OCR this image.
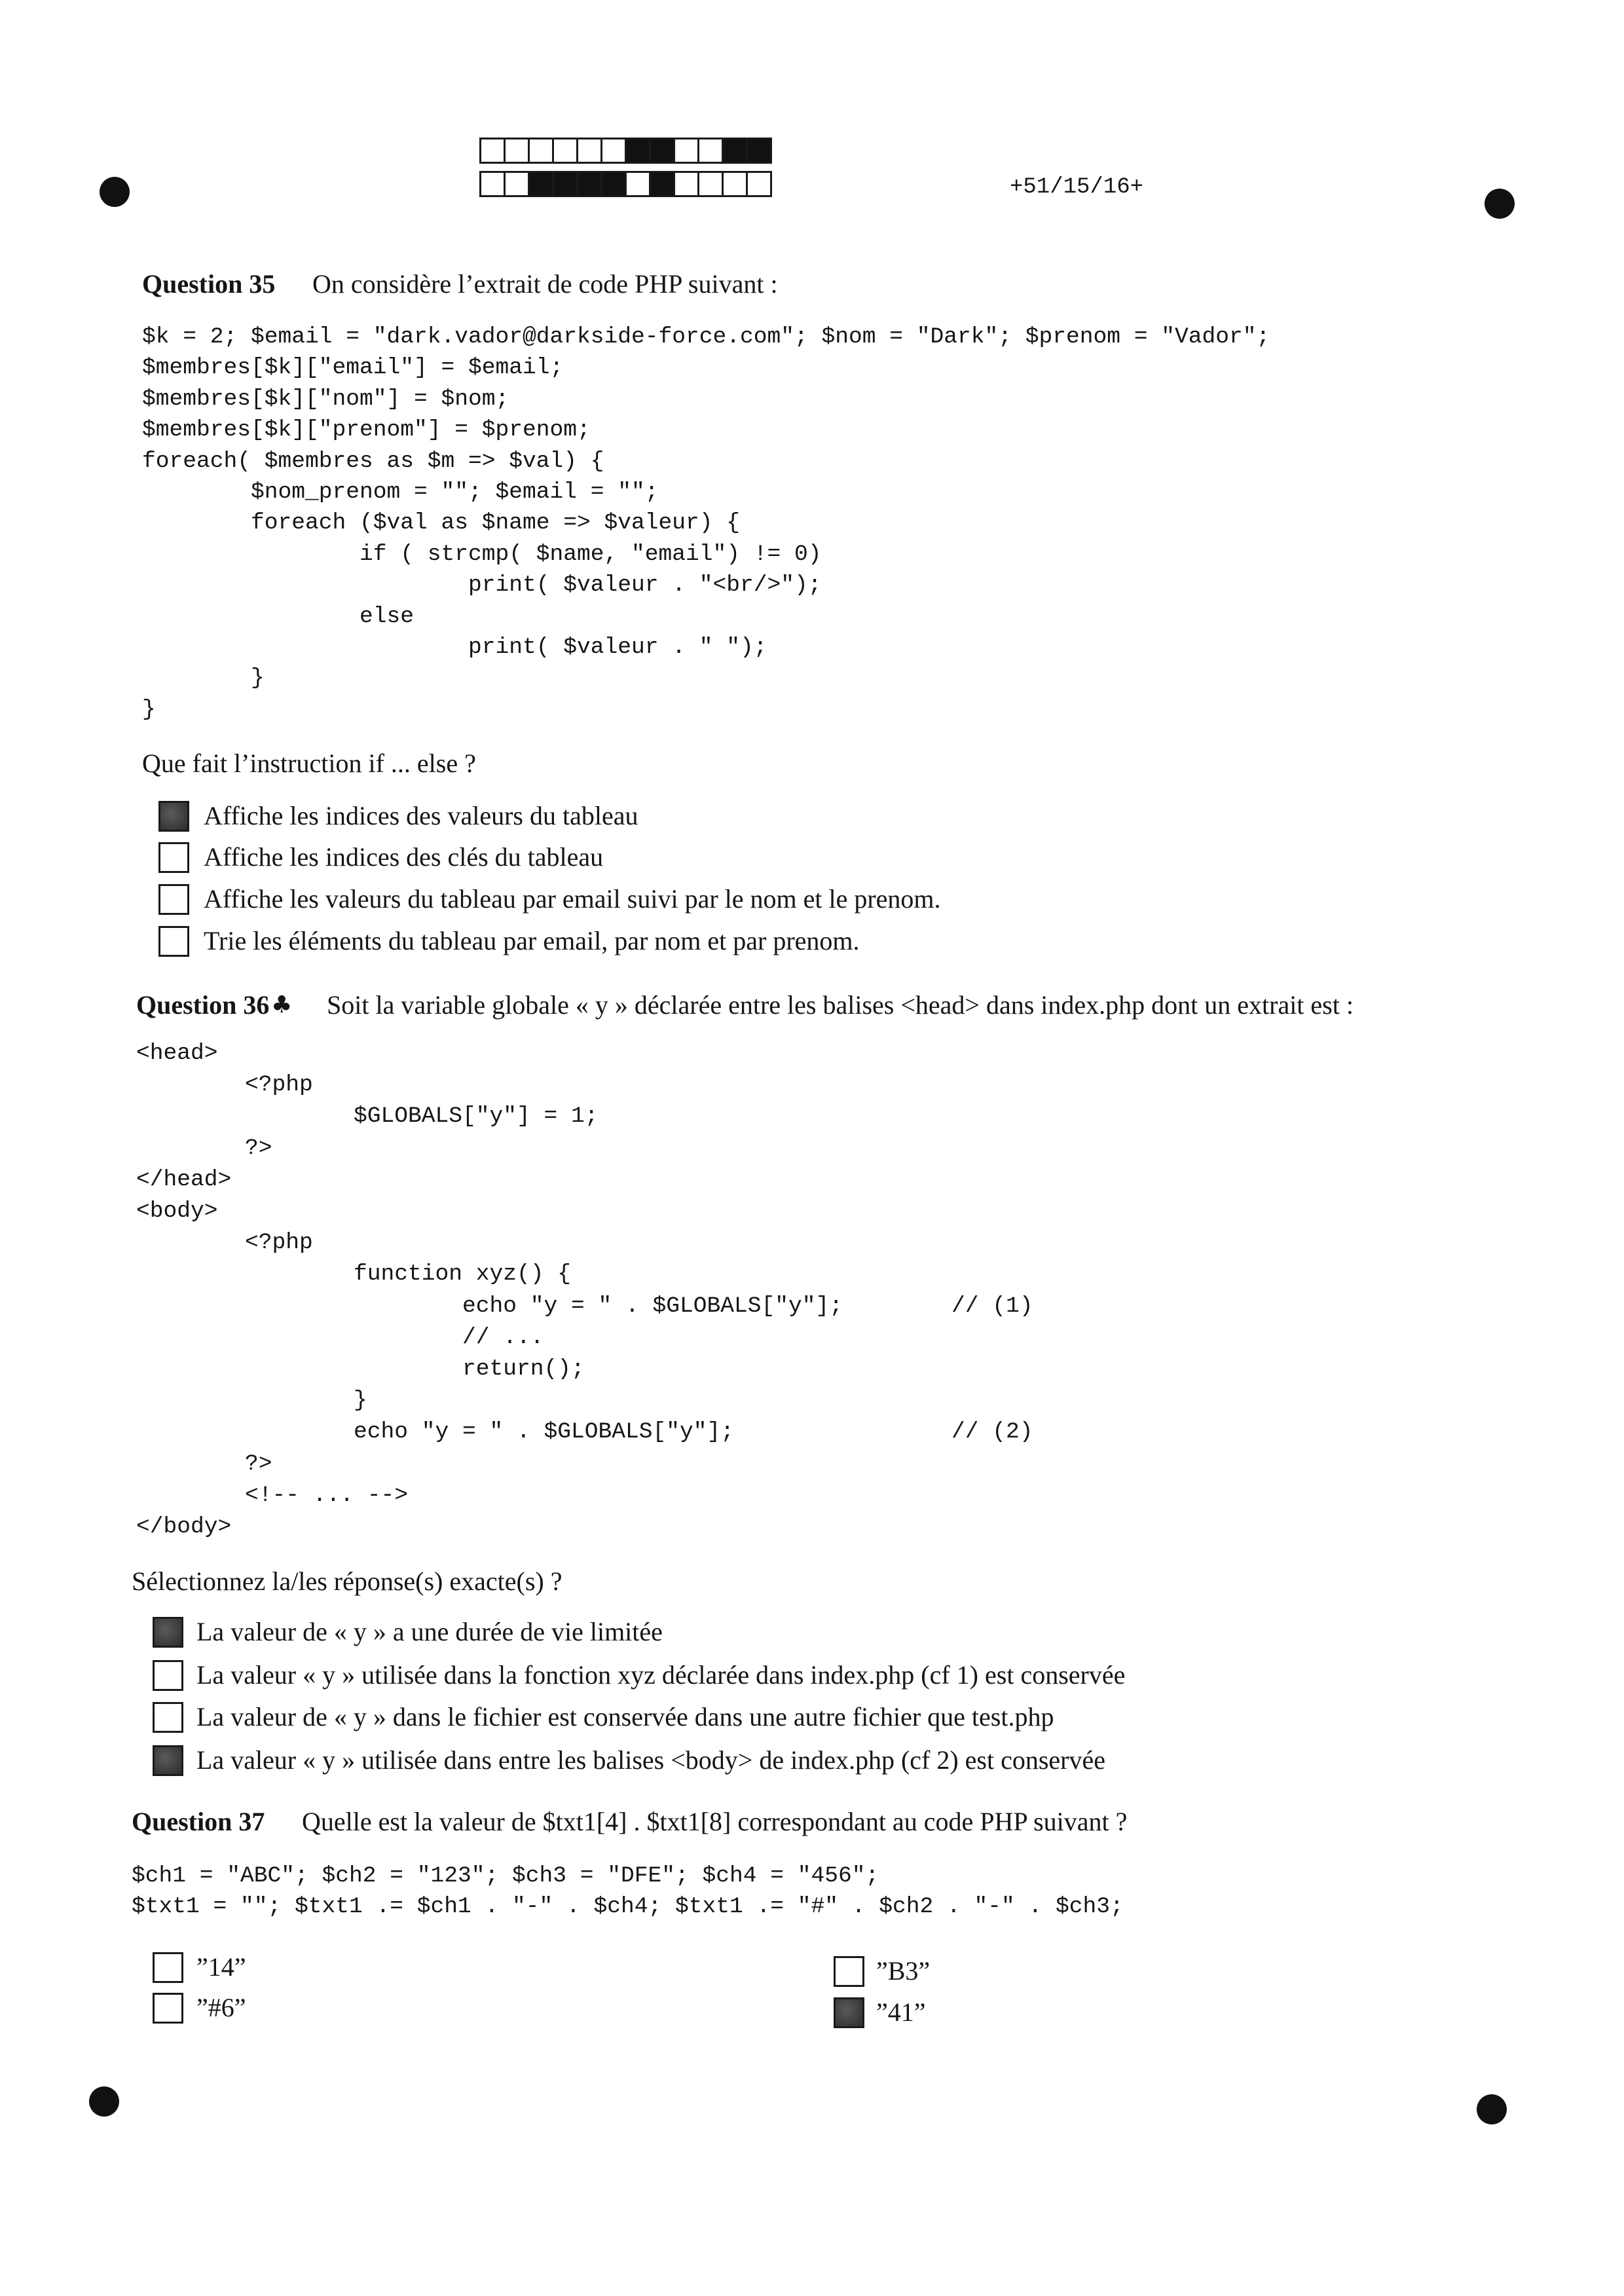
+51/15/16+
Question 35 On considère l’extrait de code PHP suivant :
$k = 2; $email = "dark.vador@darkside-force.com"; $nom = "Dark"; $prenom = "Vador";
$membres[$k]["email"] = $email;
$membres[$k]["nom"] = $nom;
$membres[$k]["prenom"] = $prenom;
foreach( $membres as $m => $val) {
$nom_prenom = ""; $email = "";
foreach ($val as $name => $valeur) {
if ( strcmp( $name, "email") != 0)
print( $valeur . "<br/>");
else
print( $valeur . " ");
}
}
Que fait l’instruction if ... else ?
Affiche les indices des valeurs du tableau
Affiche les indices des clés du tableau
Affiche les valeurs du tableau par email suivi par le nom et le prenom.
Trie les éléments du tableau par email, par nom et par prenom.
Question 36 ♣ Soit la variable globale « y » déclarée entre les balises <head> dans index.php dont un extrait est :
<head>
<?php
$GLOBALS["y"] = 1;
?>
</head>
<body>
<?php
function xyz() {
echo "y = " . $GLOBALS["y"];        // (1)
// ...
return();
}
echo "y = " . $GLOBALS["y"];                // (2)
?>
<!-- ... -->
</body>
Sélectionnez la/les réponse(s) exacte(s) ?
La valeur de « y » a une durée de vie limitée
La valeur « y » utilisée dans la fonction xyz déclarée dans index.php (cf 1) est conservée
La valeur de « y » dans le fichier est conservée dans une autre fichier que test.php
La valeur « y » utilisée dans entre les balises <body> de index.php (cf 2) est conservée
Question 37 Quelle est la valeur de $txt1[4] . $txt1[8] correspondant au code PHP suivant ?
$ch1 = "ABC"; $ch2 = "123"; $ch3 = "DFE"; $ch4 = "456";
$txt1 = ""; $txt1 .= $ch1 . "-" . $ch4; $txt1 .= "#" . $ch2 . "-" . $ch3;
”14”
”#6”
”B3”
”41”
